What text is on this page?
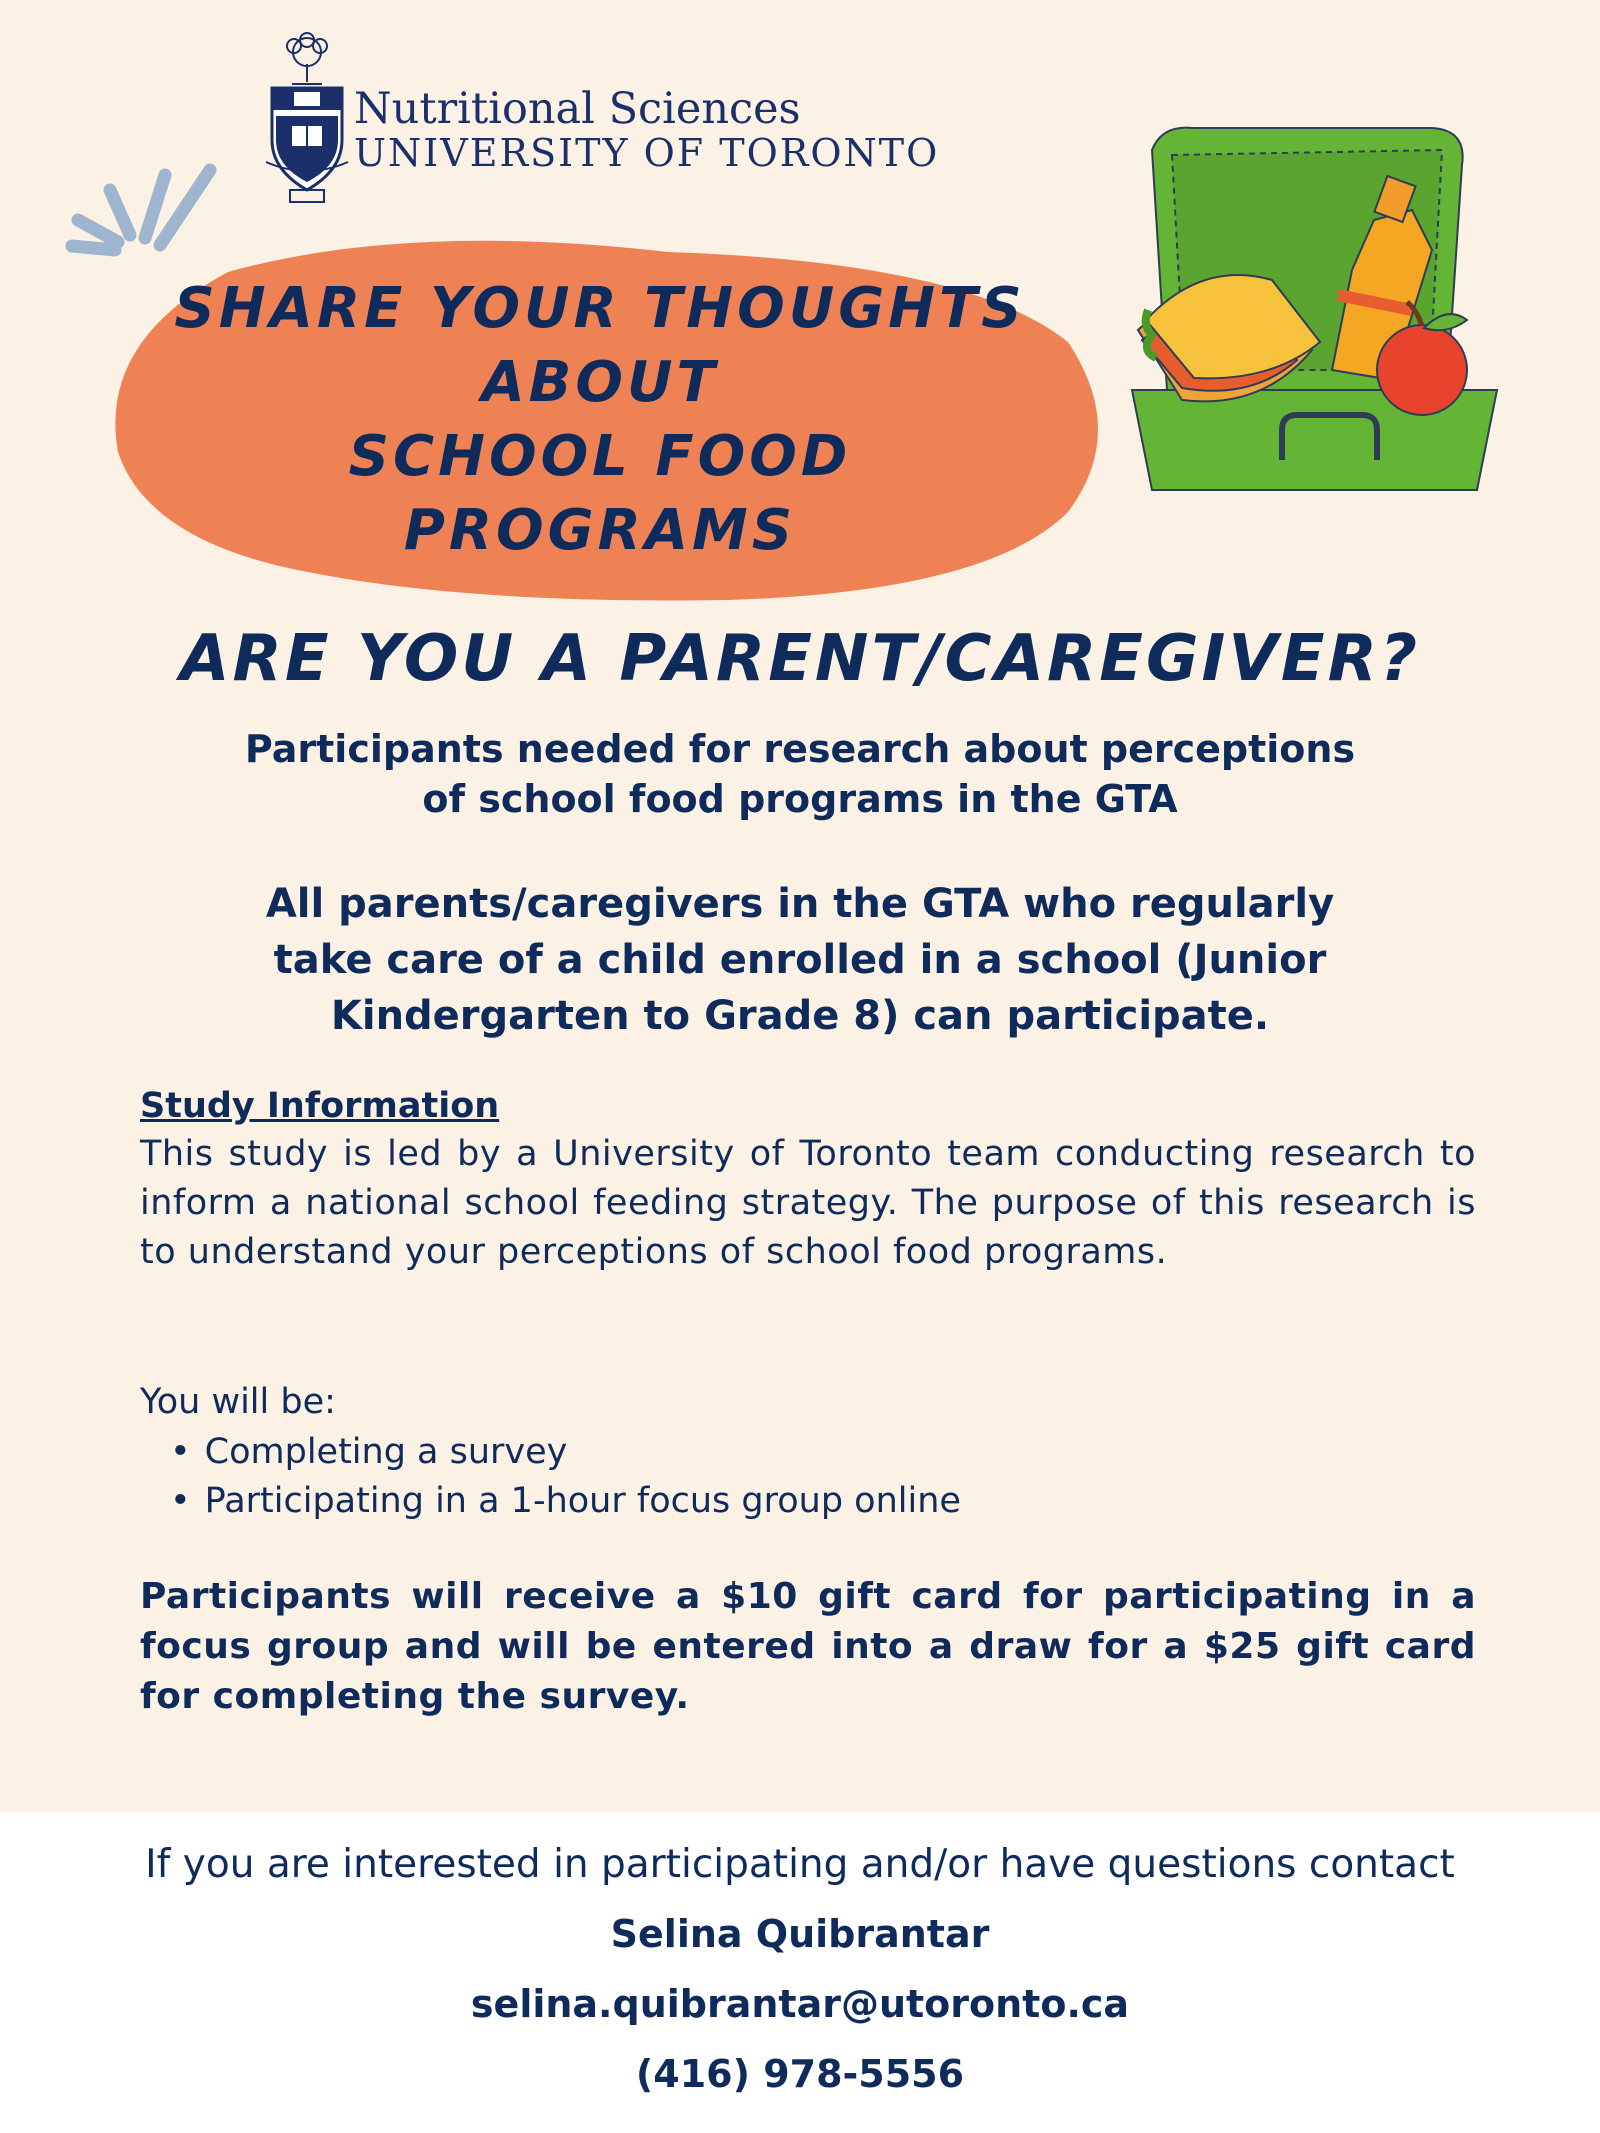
Nutritional Sciences
UNIVERSITY OF TORONTO
SHARE YOUR THOUGHTS
ABOUT
SCHOOL FOOD PROGRAMS
ARE YOU A PARENT/CAREGIVER?
Participants needed for research about perceptions
of school food programs in the GTA
All parents/caregivers in the GTA who regularly
take care of a child enrolled in a school (Junior
Kindergarten to Grade 8) can participate.
Study Information
This study is led by a University of Toronto team conducting research to inform a national school feeding strategy. The purpose of this research is to understand your perceptions of school food programs.
You will be:
• Completing a survey
• Participating in a 1-hour focus group online
Participants will receive a $10 gift card for participating in a focus group and will be entered into a draw for a $25 gift card for completing the survey.
If you are interested in participating and/or have questions contact
Selina Quibrantar
selina.quibrantar@utoronto.ca
(416) 978-5556
